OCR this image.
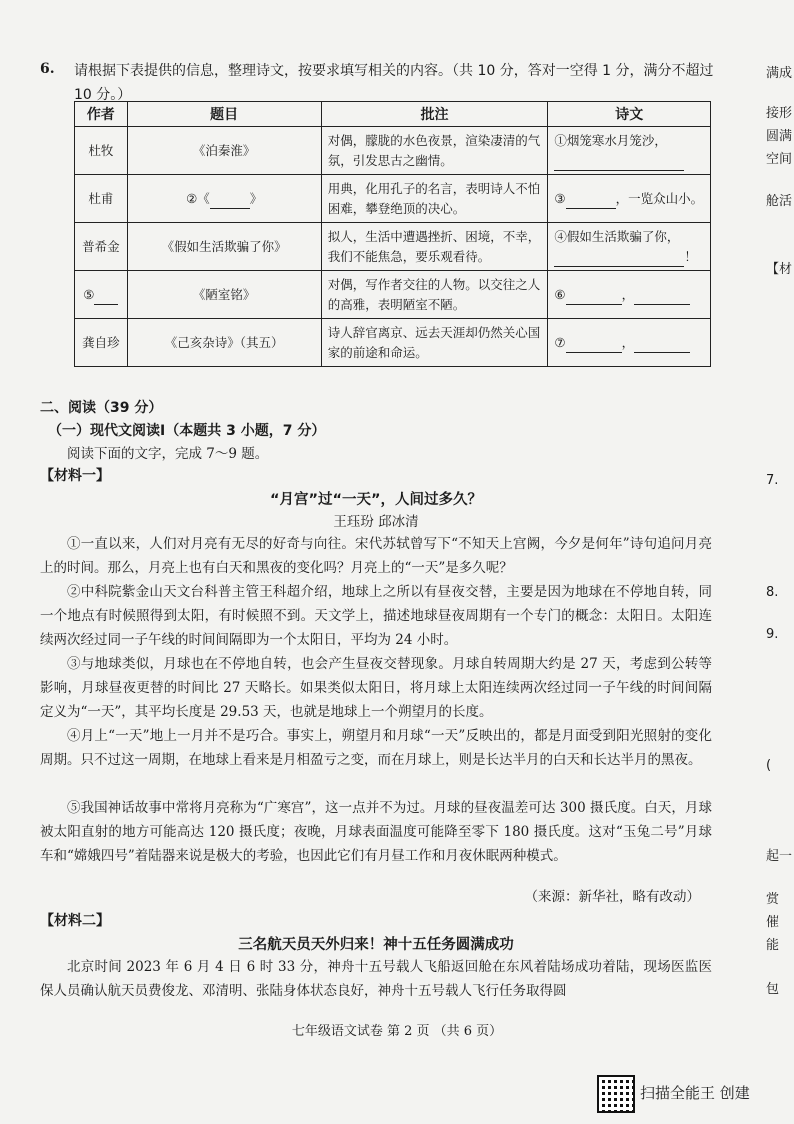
6. 请根据下表提供的信息，整理诗文，按要求填写相关的内容。（共 10 分，答对一空得 1 分，满分不超过 10 分。）
作者	题目	批注	诗文
杜牧	《泊秦淮》	对偶，朦胧的水色夜景，渲染凄清的气氛，引发思古之幽情。	①烟笼寒水月笼沙，

杜甫	②《 》	用典，化用孔子的名言，表明诗人不怕困难，攀登绝顶的决心。	③ ，一览众山小。
普希金	《假如生活欺骗了你》	拟人，生活中遭遇挫折、困境，不幸，我们不能焦急，要乐观看待。	④假如生活欺骗了你，
！
⑤	《陋室铭》	对偶，写作者交往的人物。以交往之人的高雅，表明陋室不陋。	⑥ ，
龚自珍	《己亥杂诗》（其五）	诗人辞官离京、远去天涯却仍然关心国家的前途和命运。	⑦ ，
二、阅读（39 分）
（一）现代文阅读Ⅰ（本题共 3 小题，7 分）
阅读下面的文字，完成 7～9 题。
【材料一】
“月宫”过“一天”，人间过多久？
王珏玢 邱冰清
①一直以来，人们对月亮有无尽的好奇与向往。宋代苏轼曾写下“不知天上宫阙，今夕是何年”诗句追问月亮上的时间。那么，月亮上也有白天和黑夜的变化吗？月亮上的“一天”是多久呢？
②中科院紫金山天文台科普主管王科超介绍，地球上之所以有昼夜交替，主要是因为地球在不停地自转，同一个地点有时候照得到太阳，有时候照不到。天文学上，描述地球昼夜周期有一个专门的概念：太阳日。太阳连续两次经过同一子午线的时间间隔即为一个太阳日，平均为 24 小时。
③与地球类似，月球也在不停地自转，也会产生昼夜交替现象。月球自转周期大约是 27 天，考虑到公转等影响，月球昼夜更替的时间比 27 天略长。如果类似太阳日，将月球上太阳连续两次经过同一子午线的时间间隔定义为“一天”，其平均长度是 29.53 天，也就是地球上一个朔望月的长度。
④月上“一天”地上一月并不是巧合。事实上，朔望月和月球“一天”反映出的，都是月面受到阳光照射的变化周期。只不过这一周期，在地球上看来是月相盈亏之变，而在月球上，则是长达半月的白天和长达半月的黑夜。
⑤我国神话故事中常将月亮称为“广寒宫”，这一点并不为过。月球的昼夜温差可达 300 摄氏度。白天，月球被太阳直射的地方可能高达 120 摄氏度；夜晚，月球表面温度可能降至零下 180 摄氏度。这对“玉兔二号”月球车和“嫦娥四号”着陆器来说是极大的考验，也因此它们有月昼工作和月夜休眠两种模式。
（来源：新华社，略有改动）
【材料二】
三名航天员天外归来！神十五任务圆满成功
北京时间 2023 年 6 月 4 日 6 时 33 分，神舟十五号载人飞船返回舱在东风着陆场成功着陆，现场医监医保人员确认航天员费俊龙、邓清明、张陆身体状态良好，神舟十五号载人飞行任务取得圆
七年级语文试卷 第 2 页 （共 6 页）
满成
接形
圆满
空间
舱活
【材
7.
8.
9.
(
起一
赏
催
能
包
扫描全能王 创建
